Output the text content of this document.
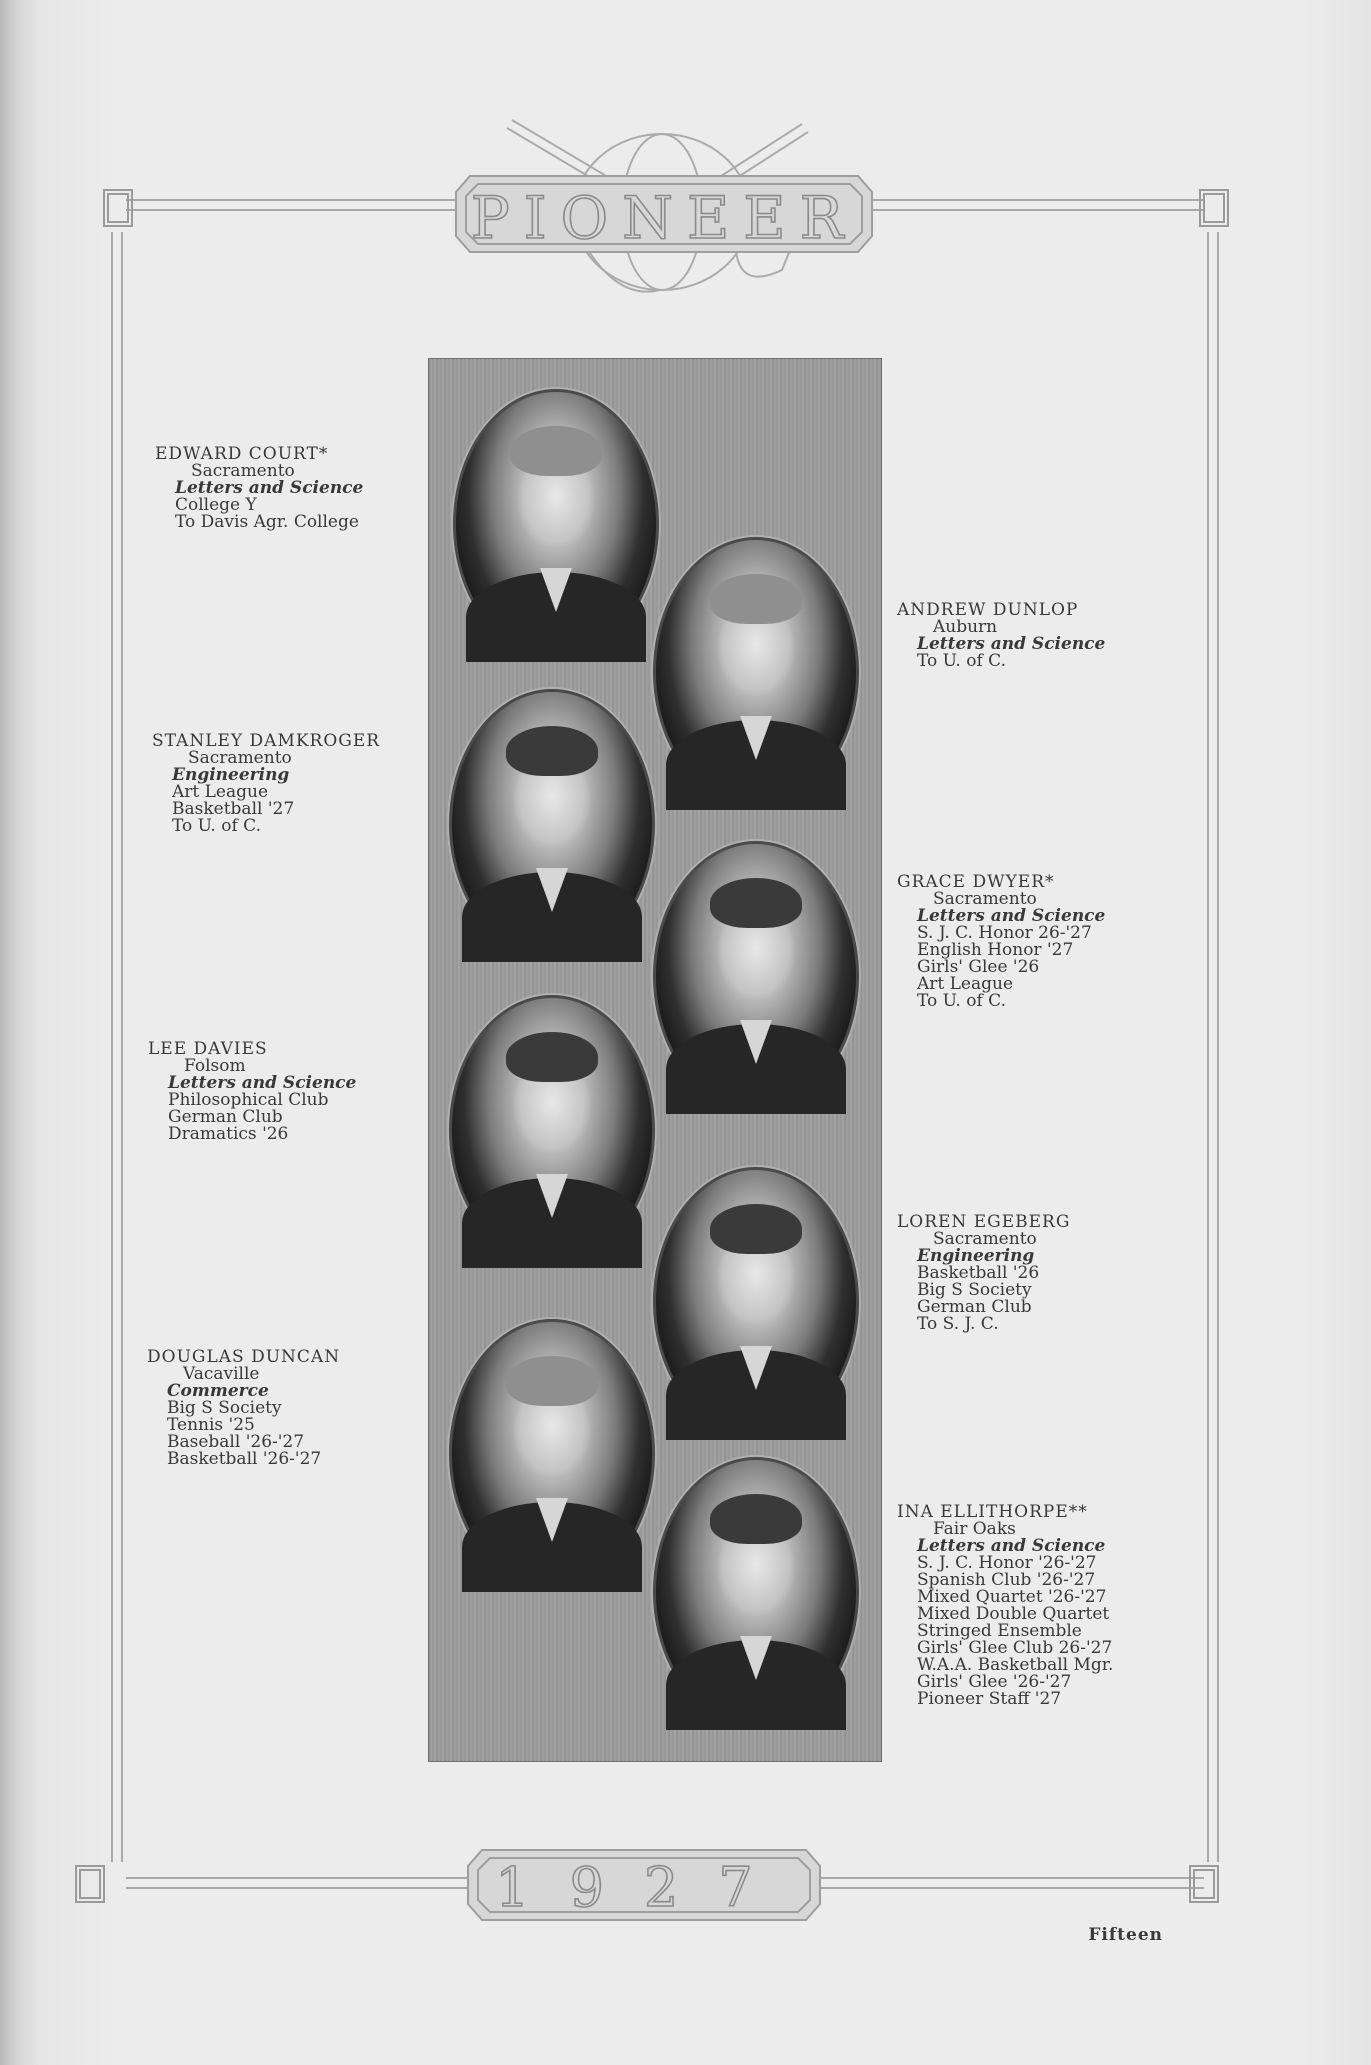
PIONEER
1927
EDWARD COURT*
Sacramento
Letters and Science
College Y
To Davis Agr. College
STANLEY DAMKROGER
Sacramento
Engineering
Art League
Basketball '27
To U. of C.
LEE DAVIES
Folsom
Letters and Science
Philosophical Club
German Club
Dramatics '26
DOUGLAS DUNCAN
Vacaville
Commerce
Big S Society
Tennis '25
Baseball '26-'27
Basketball '26-'27
ANDREW DUNLOP
Auburn
Letters and Science
To U. of C.
GRACE DWYER*
Sacramento
Letters and Science
S. J. C. Honor 26-'27
English Honor '27
Girls' Glee '26
Art League
To U. of C.
LOREN EGEBERG
Sacramento
Engineering
Basketball '26
Big S Society
German Club
To S. J. C.
INA ELLITHORPE**
Fair Oaks
Letters and Science
S. J. C. Honor '26-'27
Spanish Club '26-'27
Mixed Quartet '26-'27
Mixed Double Quartet
Stringed Ensemble
Girls' Glee Club 26-'27
W.A.A. Basketball Mgr.
Girls' Glee '26-'27
Pioneer Staff '27
Fifteen
